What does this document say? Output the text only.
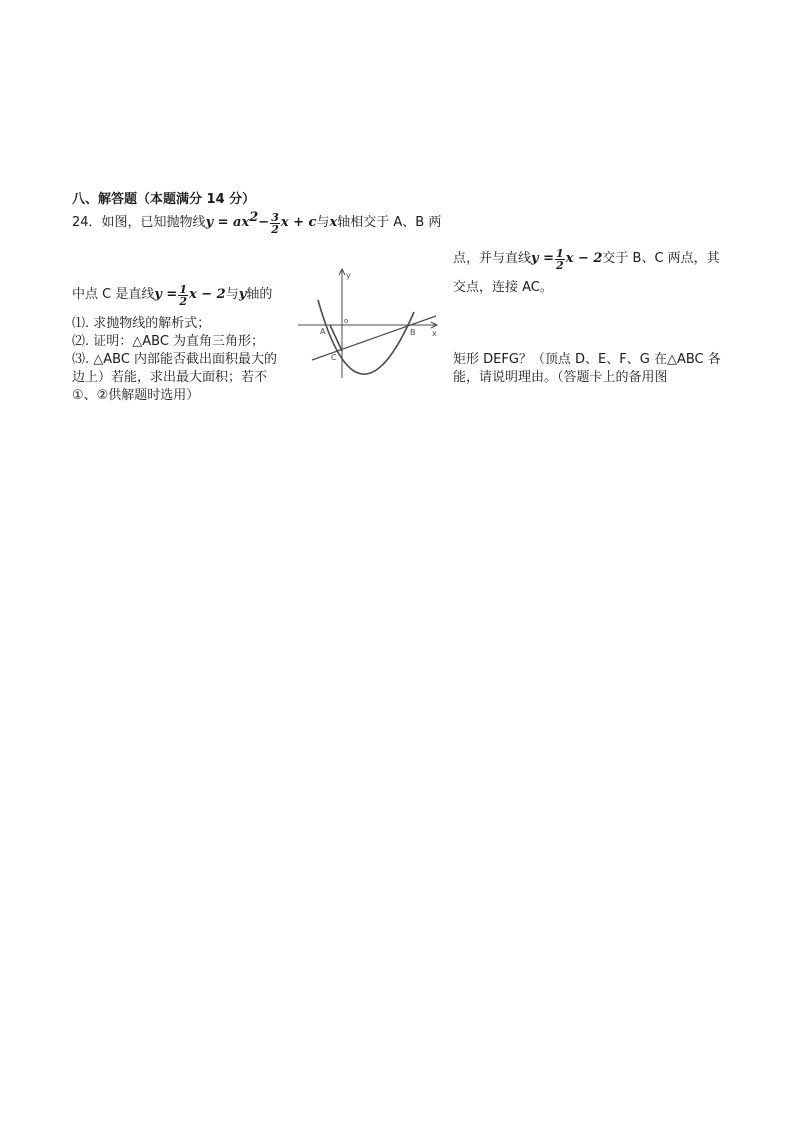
八、解答题（本题满分 14 分）
24． 如图，已知抛物线 $y = ax^2 - \frac{3}{2}$ x + c 与 x 轴相交于 A、B 两
点，并与直线 $y = \frac{1}{2}$ x − 2 交于 B、C 两点，其
交点，连接 AC。
中点 C 是直线 $y = \frac{1}{2}$ x − 2 与 y 轴的
⑴. 求抛物线的解析式；
⑵. 证明：△ABC 为直角三角形；
⑶. △ABC 内部能否截出面积最大的	矩形 DEFG？（顶点 D、E、F、G 在△ABC 各
边上）若能，求出最大面积；若不	能，请说明理由。（答题卡上的备用图
①、②供解题时选用）
y
x
o
A	B
C
